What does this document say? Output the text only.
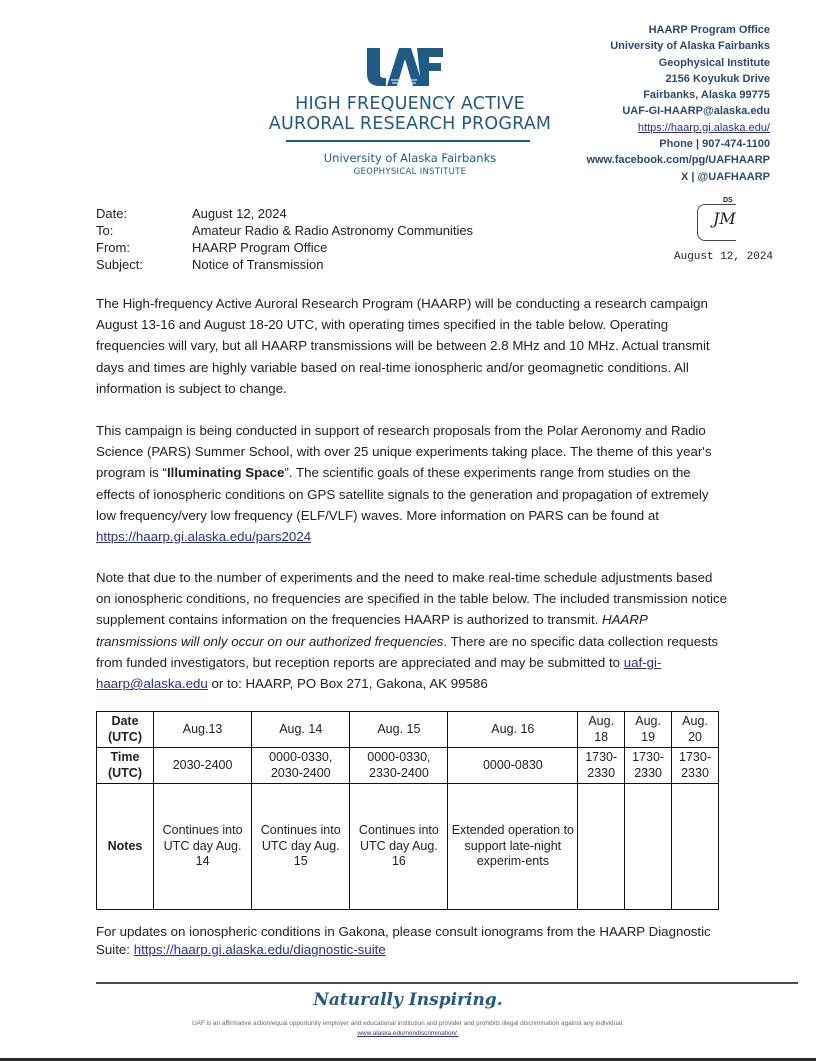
HIGH FREQUENCY ACTIVE
AURORAL RESEARCH PROGRAM
University of Alaska Fairbanks
GEOPHYSICAL INSTITUTE
HAARP Program Office
University of Alaska Fairbanks
Geophysical Institute
2156 Koyukuk Drive
Fairbanks, Alaska 99775
UAF-GI-HAARP@alaska.edu
https://haarp.gi.alaska.edu/
Phone | 907-474-1100
www.facebook.com/pg/UAFHAARP
X | @UAFHAARP
Date:	August 12, 2024
To:	Amateur Radio & Radio Astronomy Communities
From:	HAARP Program Office
Subject:	Notice of Transmission
DS
JM
August 12, 2024
The High-frequency Active Auroral Research Program (HAARP) will be conducting a research campaign August 13-16 and August 18-20 UTC, with operating times specified in the table below. Operating frequencies will vary, but all HAARP transmissions will be between 2.8 MHz and 10 MHz. Actual transmit days and times are highly variable based on real-time ionospheric and/or geomagnetic conditions. All information is subject to change.
This campaign is being conducted in support of research proposals from the Polar Aeronomy and Radio Science (PARS) Summer School, with over 25 unique experiments taking place. The theme of this year's program is “Illuminating Space”. The scientific goals of these experiments range from studies on the effects of ionospheric conditions on GPS satellite signals to the generation and propagation of extremely low frequency/very low frequency (ELF/VLF) waves. More information on PARS can be found at https://haarp.gi.alaska.edu/pars2024
Note that due to the number of experiments and the need to make real-time schedule adjustments based on ionospheric conditions, no frequencies are specified in the table below. The included transmission notice supplement contains information on the frequencies HAARP is authorized to transmit. HAARP transmissions will only occur on our authorized frequencies. There are no specific data collection requests from funded investigators, but reception reports are appreciated and may be submitted to uaf-gi-haarp@alaska.edu or to: HAARP, PO Box 271, Gakona, AK 99586
Date (UTC)	Aug.13	Aug. 14	Aug. 15	Aug. 16	Aug. 18	Aug. 19	Aug. 20
Time (UTC)	2030-2400	0000-0330, 2030-2400	0000-0330, 2330-2400	0000-0830	1730-2330	1730-2330	1730-2330
Notes	Continues into UTC day Aug. 14	Continues into UTC day Aug. 15	Continues into UTC day Aug. 16	Extended operation to support late-night experim-ents			
For updates on ionospheric conditions in Gakona, please consult ionograms from the HAARP Diagnostic Suite: https://haarp.gi.alaska.edu/diagnostic-suite
Naturally Inspiring.
UAF is an affirmative action/equal opportunity employer and educational institution and provider and prohibits illegal discrimination against any individual:
www.alaska.edu/nondiscrimination/.
